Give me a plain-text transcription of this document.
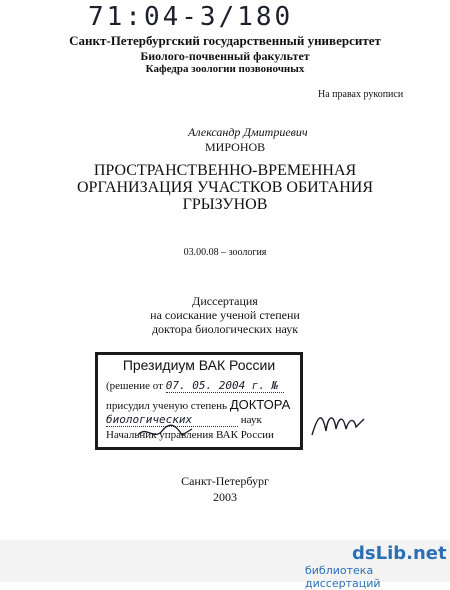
71:04-3/180
Санкт-Петербургский государственный университет
Биолого-почвенный факультет
Кафедра зоологии позвоночных
На правах рукописи
Александр Дмитриевич
МИРОНОВ
ПРОСТРАНСТВЕННО-ВРЕМЕННАЯ
ОРГАНИЗАЦИЯ УЧАСТКОВ ОБИТАНИЯ
ГРЫЗУНОВ
03.00.08 – зоология
Диссертация
на соискание ученой степени
доктора биологических наук
Президиум ВАК России
(решение от 07. 05. 2004 г. №
присудил ученую степень ДОКТОРА
биологических	наук
Начальник управления ВАК России
Санкт-Петербург
2003
dsLib.net
библиотека диссертаций
